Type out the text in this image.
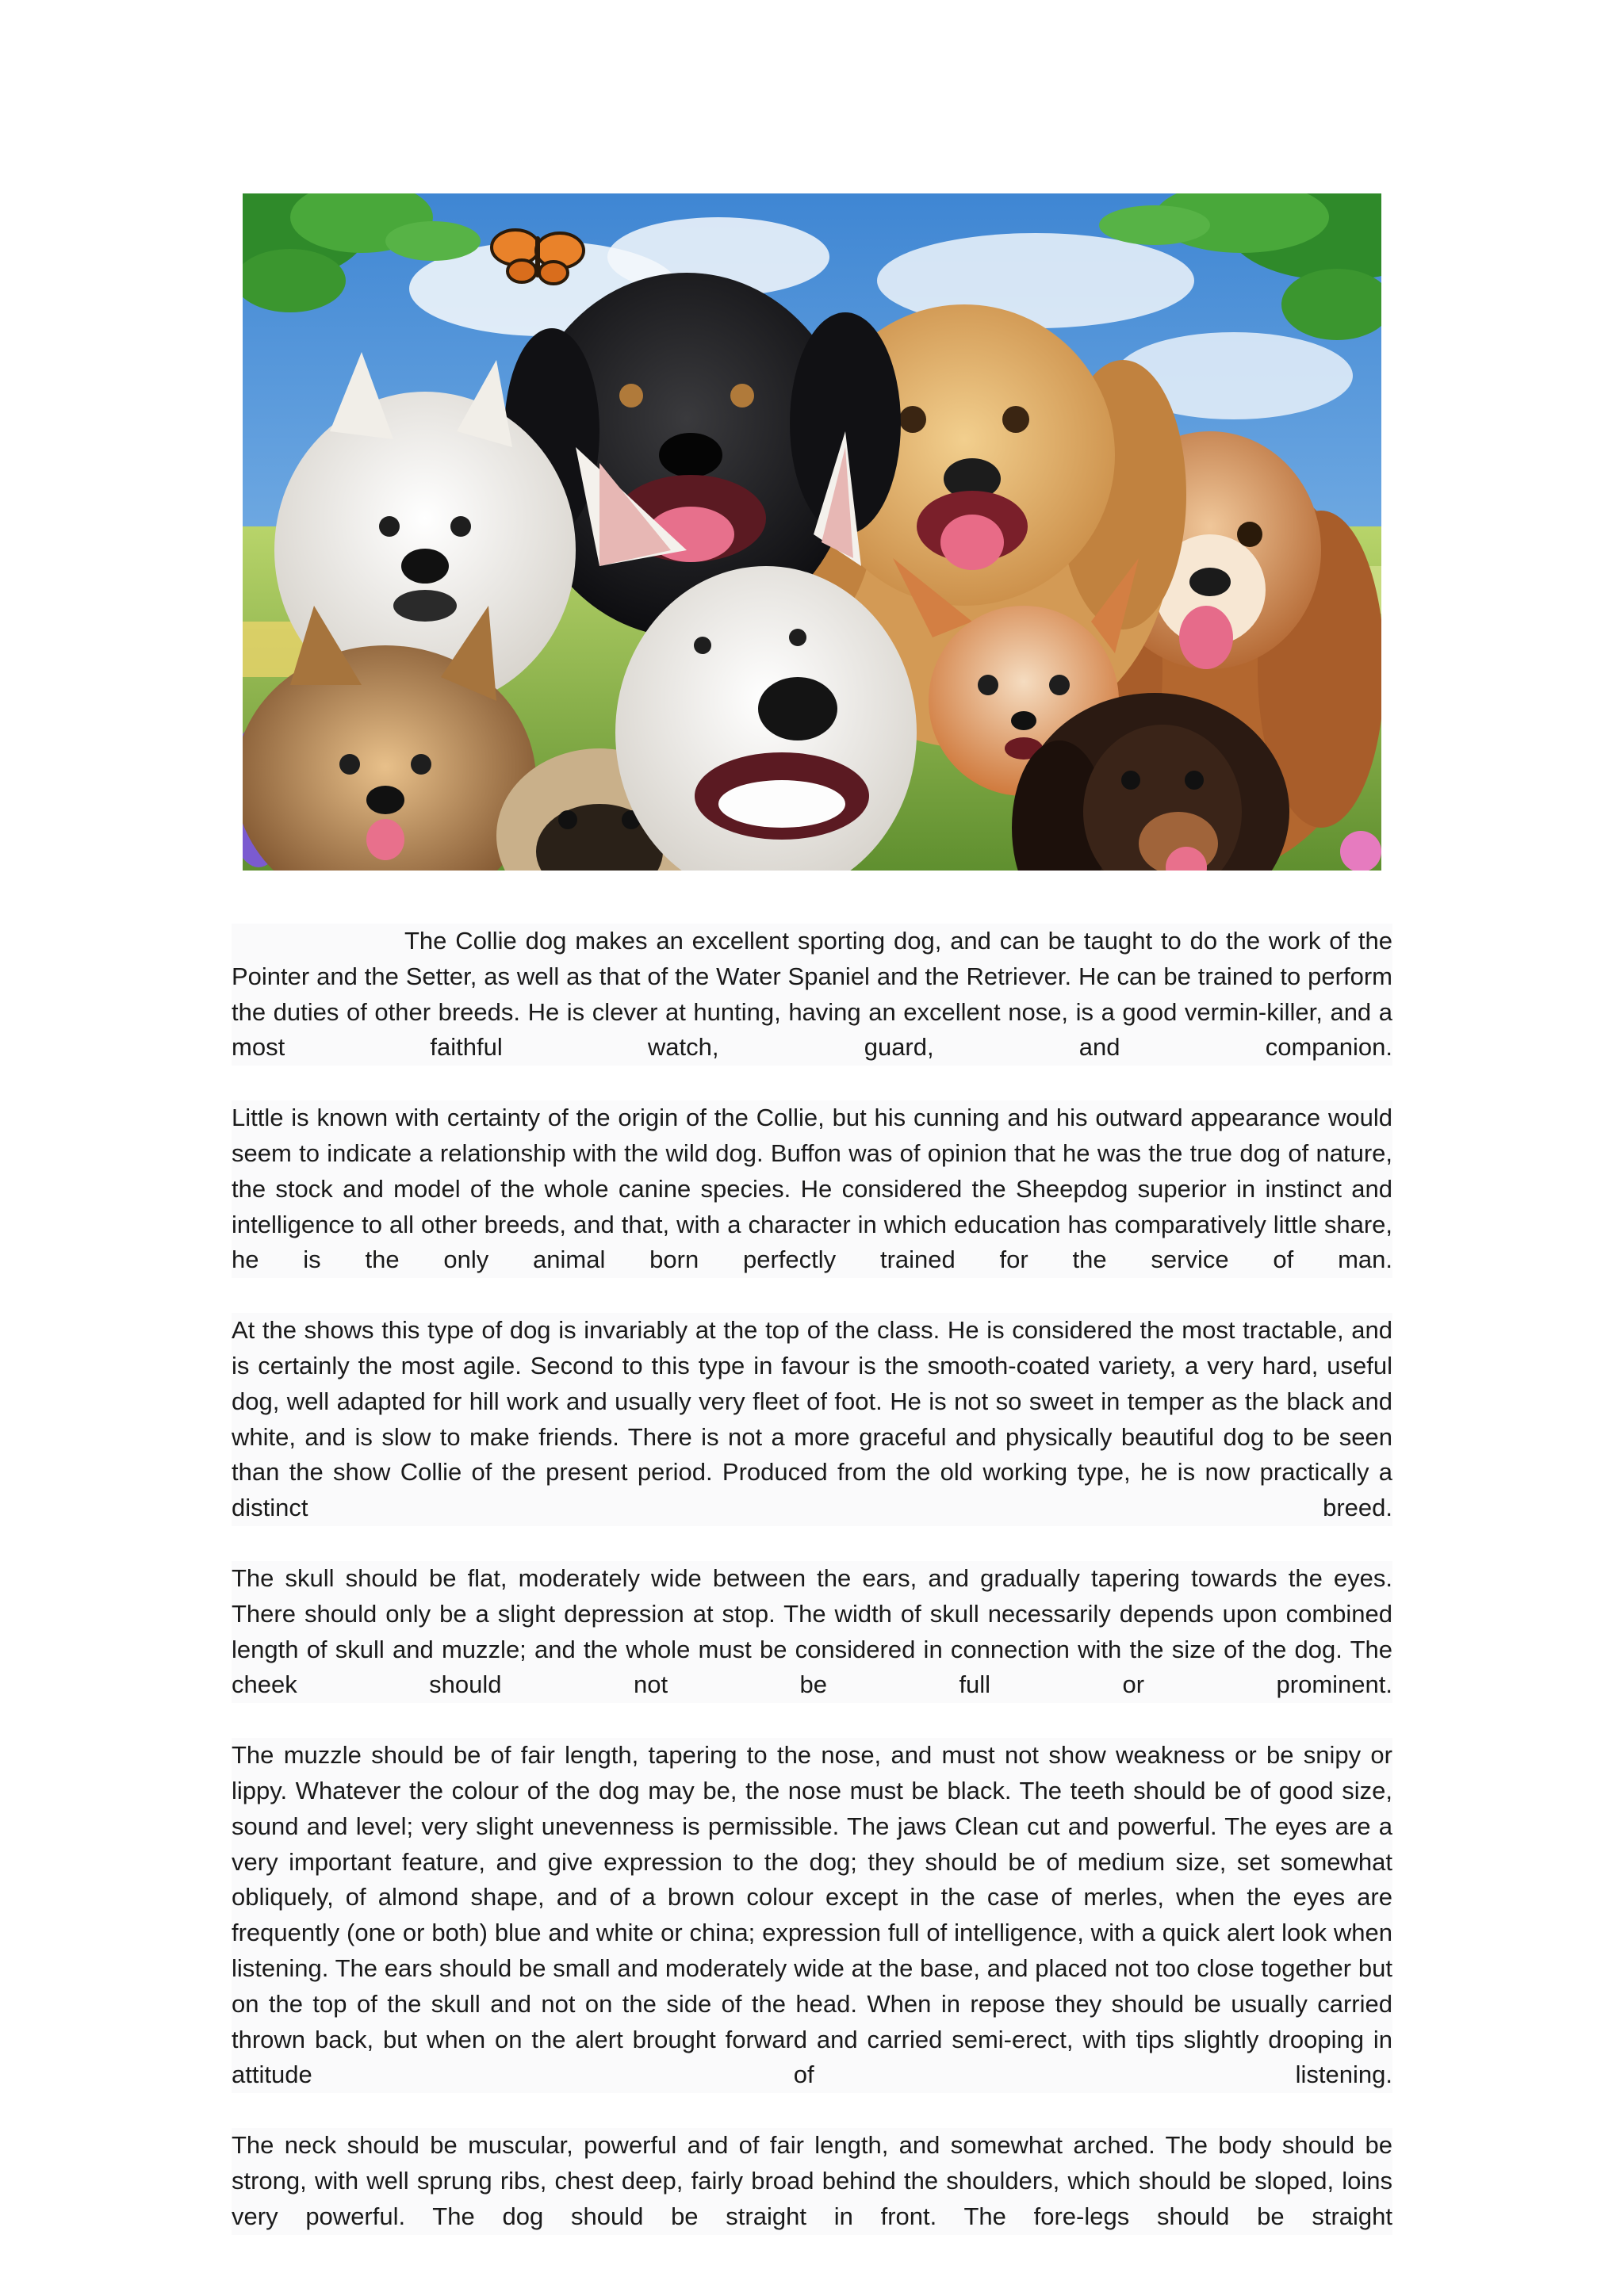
The Collie dog makes an excellent sporting dog, and can be taught to do the work of the Pointer and the Setter, as well as that of the Water Spaniel and the Retriever. He can be trained to perform the duties of other breeds. He is clever at hunting, having an excellent nose, is a good vermin-killer, and a most faithful watch, guard, and companion.

Little is known with certainty of the origin of the Collie, but his cunning and his outward appearance would seem to indicate a relationship with the wild dog. Buffon was of opinion that he was the true dog of nature, the stock and model of the whole canine species. He considered the Sheepdog superior in instinct and intelligence to all other breeds, and that, with a character in which education has comparatively little share, he is the only animal born perfectly trained for the service of man.

At the shows this type of dog is invariably at the top of the class. He is considered the most tractable, and is certainly the most agile. Second to this type in favour is the smooth-coated variety, a very hard, useful dog, well adapted for hill work and usually very fleet of foot. He is not so sweet in temper as the black and white, and is slow to make friends. There is not a more graceful and physically beautiful dog to be seen than the show Collie of the present period. Produced from the old working type, he is now practically a distinct breed.

The skull should be flat, moderately wide between the ears, and gradually tapering towards the eyes. There should only be a slight depression at stop. The width of skull necessarily depends upon combined length of skull and muzzle; and the whole must be considered in connection with the size of the dog. The cheek should not be full or prominent.

The muzzle should be of fair length, tapering to the nose, and must not show weakness or be snipy or lippy. Whatever the colour of the dog may be, the nose must be black. The teeth should be of good size, sound and level; very slight unevenness is permissible. The jaws Clean cut and powerful. The eyes are a very important feature, and give expression to the dog; they should be of medium size, set somewhat obliquely, of almond shape, and of a brown colour except in the case of merles, when the eyes are frequently (one or both) blue and white or china; expression full of intelligence, with a quick alert look when listening. The ears should be small and moderately wide at the base, and placed not too close together but on the top of the skull and not on the side of the head. When in repose they should be usually carried thrown back, but when on the alert brought forward and carried semi-erect, with tips slightly drooping in attitude of listening.

The neck should be muscular, powerful and of fair length, and somewhat arched. The body should be strong, with well sprung ribs, chest deep, fairly broad behind the shoulders, which should be sloped, loins very powerful. The dog should be straight in front. The fore-legs should be straight
